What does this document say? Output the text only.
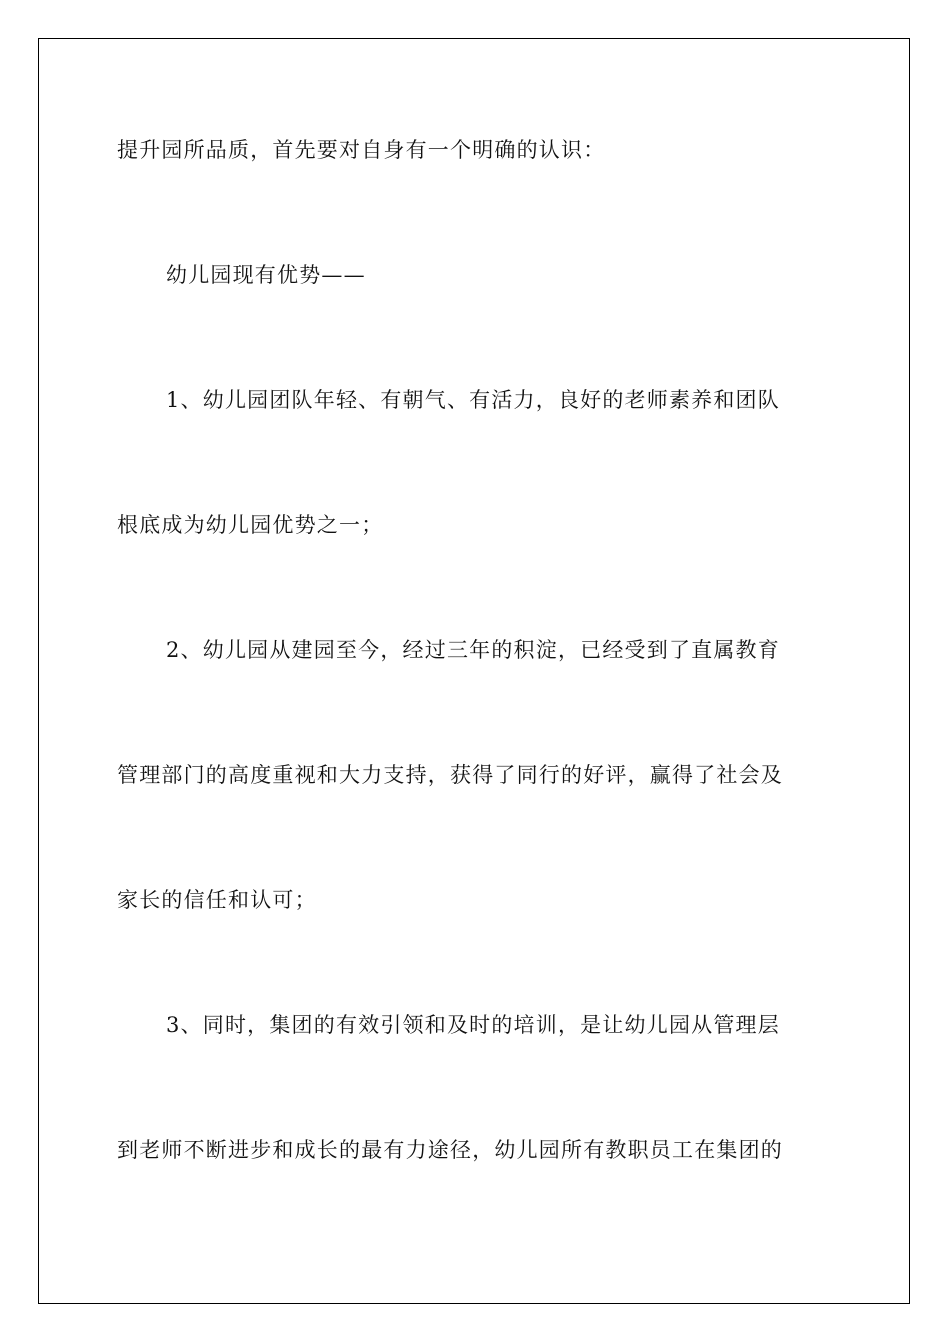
提升园所品质，首先要对自身有一个明确的认识：

幼儿园现有优势——

1、幼儿园团队年轻、有朝气、有活力，良好的老师素养和团队

根底成为幼儿园优势之一；

2、幼儿园从建园至今，经过三年的积淀，已经受到了直属教育

管理部门的高度重视和大力支持，获得了同行的好评，赢得了社会及

家长的信任和认可；

3、同时，集团的有效引领和及时的培训，是让幼儿园从管理层

到老师不断进步和成长的最有力途径，幼儿园所有教职员工在集团的
